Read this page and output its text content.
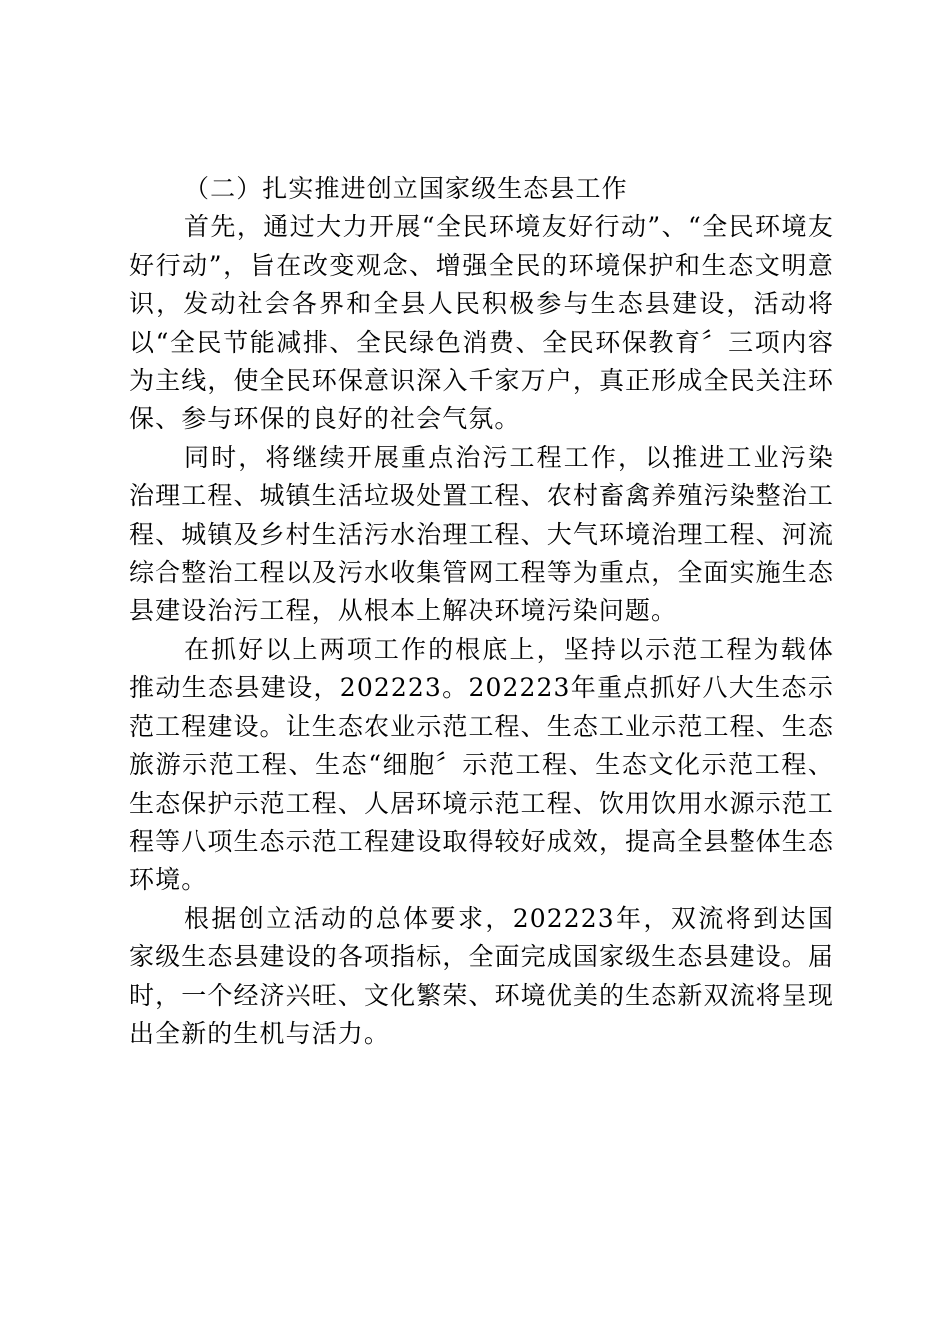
（二）扎实推进创立国家级生态县工作

首先，通过大力开展“全民环境友好行动”、“全民环境友好行动”，旨在改变观念、增强全民的环境保护和生态文明意识，发动社会各界和全县人民积极参与生态县建设，活动将以“全民节能减排、全民绿色消费、全民环保教育〞三项内容为主线，使全民环保意识深入千家万户，真正形成全民关注环保、参与环保的良好的社会气氛。

同时，将继续开展重点治污工程工作，以推进工业污染治理工程、城镇生活垃圾处置工程、农村畜禽养殖污染整治工程、城镇及乡村生活污水治理工程、大气环境治理工程、河流综合整治工程以及污水收集管网工程等为重点，全面实施生态县建设治污工程，从根本上解决环境污染问题。

在抓好以上两项工作的根底上，坚持以示范工程为载体推动生态县建设，202223。202223年重点抓好八大生态示范工程建设。让生态农业示范工程、生态工业示范工程、生态旅游示范工程、生态“细胞〞示范工程、生态文化示范工程、生态保护示范工程、人居环境示范工程、饮用饮用水源示范工程等八项生态示范工程建设取得较好成效，提高全县整体生态环境。

根据创立活动的总体要求，202223年，双流将到达国家级生态县建设的各项指标，全面完成国家级生态县建设。届时，一个经济兴旺、文化繁荣、环境优美的生态新双流将呈现出全新的生机与活力。
